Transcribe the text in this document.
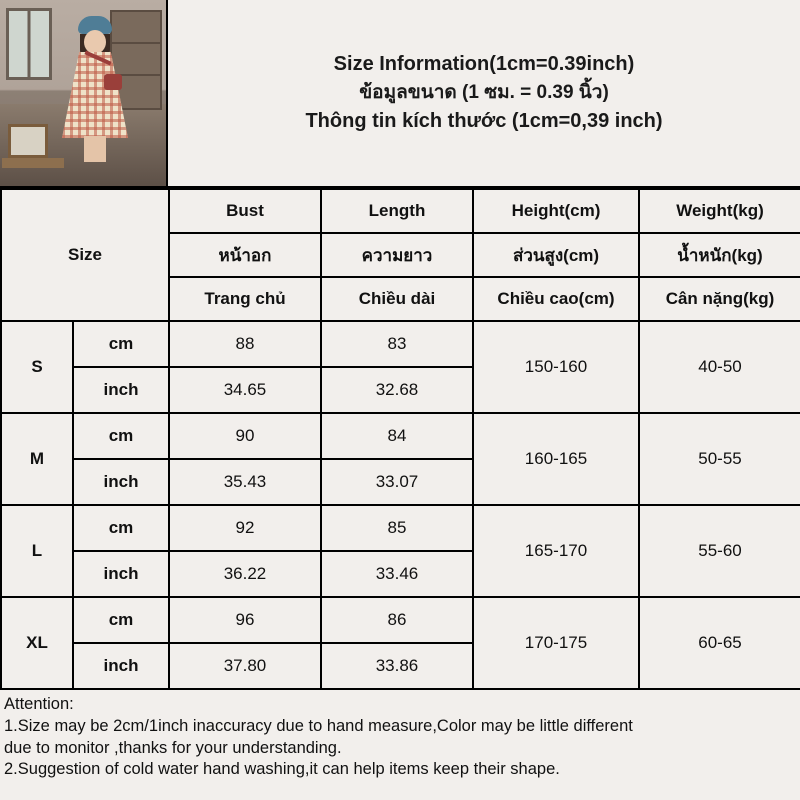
Size Information(1cm=0.39inch)
ข้อมูลขนาด (1 ซม. = 0.39 นิ้ว)
Thông tin kích thước (1cm=0,39 inch)
Size		Bust	Length	Height(cm)	Weight(kg)
		หน้าอก	ความยาว	ส่วนสูง(cm)	น้ำหนัก(kg)
		Trang chủ	Chiều dài	Chiều cao(cm)	Cân nặng(kg)
S	cm	88	83	150-160	40-50
	inch	34.65	32.68		
M	cm	90	84	160-165	50-55
	inch	35.43	33.07		
L	cm	92	85	165-170	55-60
	inch	36.22	33.46		
XL	cm	96	86	170-175	60-65
	inch	37.80	33.86		
Attention:
1.Size may be 2cm/1inch inaccuracy due to hand measure,Color may be little different
due to monitor ,thanks for your understanding.
2.Suggestion of cold water hand washing,it can help items keep their shape.
